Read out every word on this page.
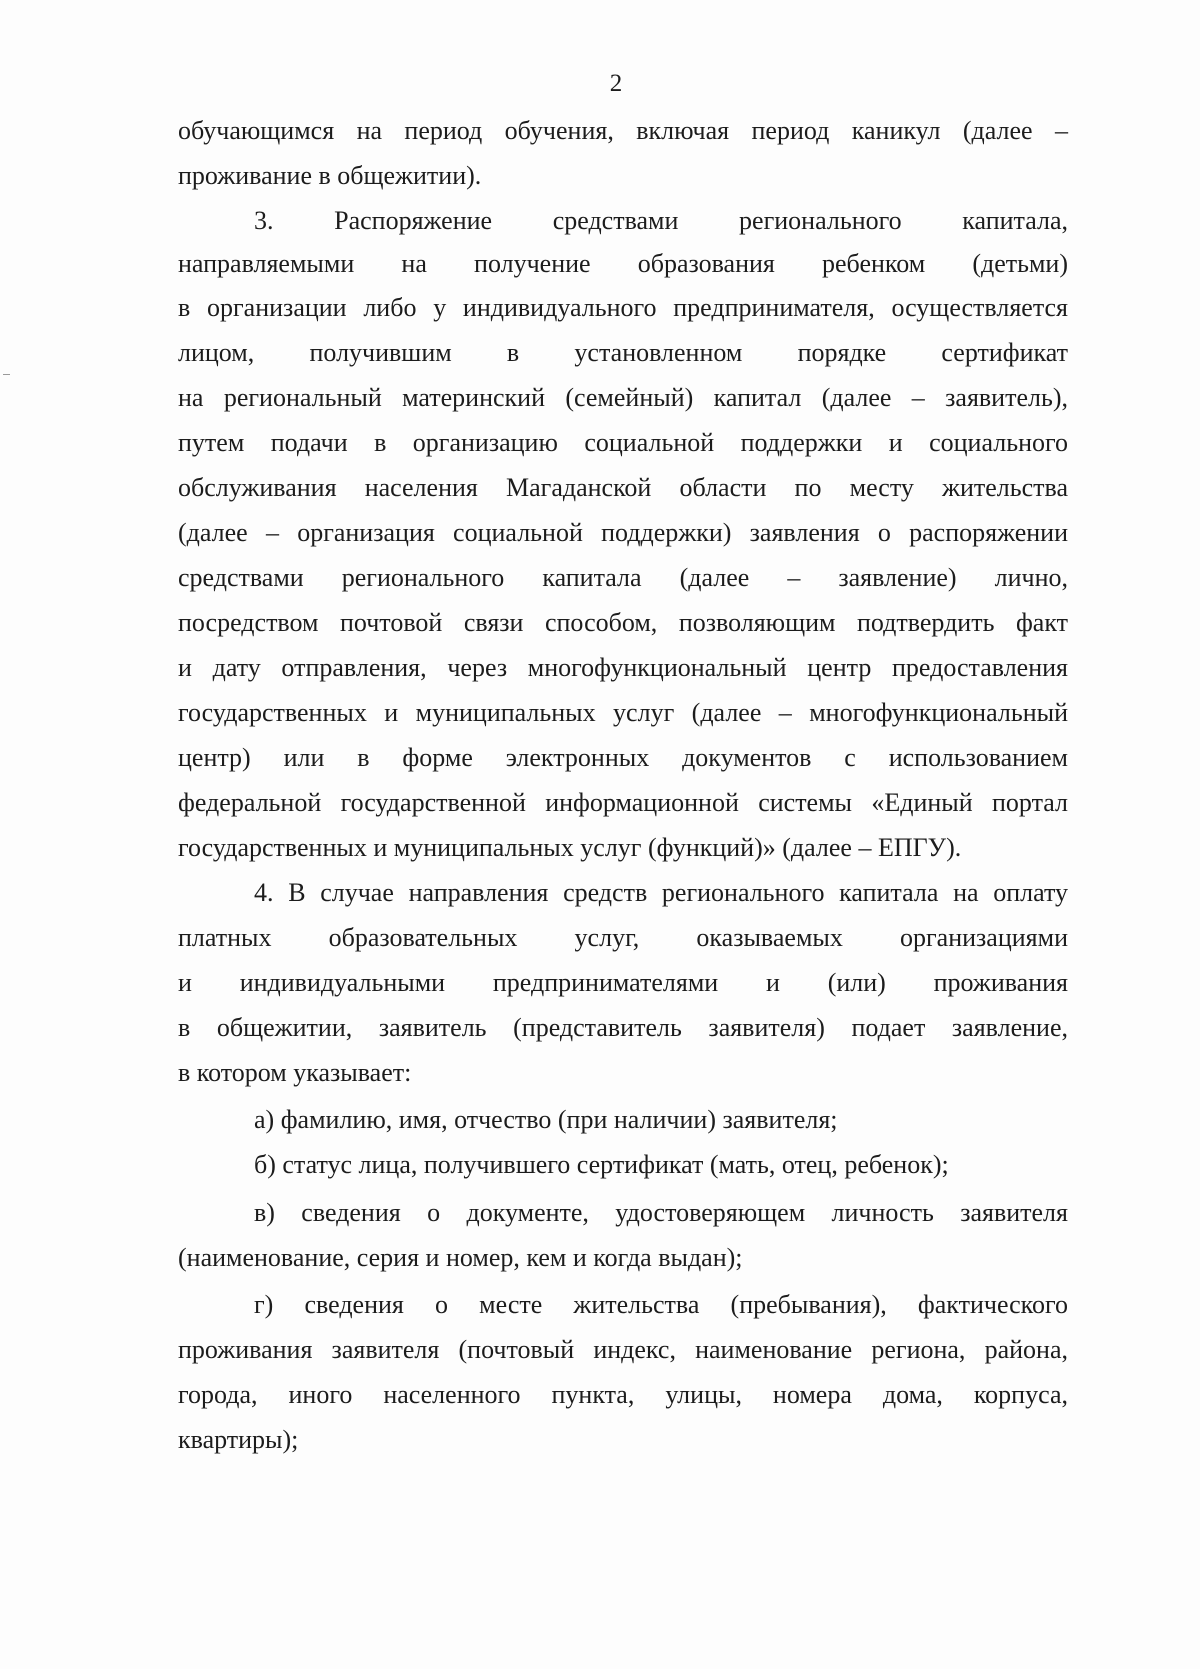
2
обучающимся на период обучения, включая период каникул (далее –
проживание в общежитии).
3. Распоряжение средствами регионального капитала,
направляемыми на получение образования ребенком (детьми)
в организации либо у индивидуального предпринимателя, осуществляется
лицом, получившим в установленном порядке сертификат
на региональный материнский (семейный) капитал (далее – заявитель),
путем подачи в организацию социальной поддержки и социального
обслуживания населения Магаданской области по месту жительства
(далее – организация социальной поддержки) заявления о распоряжении
средствами регионального капитала (далее – заявление) лично,
посредством почтовой связи способом, позволяющим подтвердить факт
и дату отправления, через многофункциональный центр предоставления
государственных и муниципальных услуг (далее – многофункциональный
центр) или в форме электронных документов с использованием
федеральной государственной информационной системы «Единый портал
государственных и муниципальных услуг (функций)» (далее – ЕПГУ).
4. В случае направления средств регионального капитала на оплату
платных образовательных услуг, оказываемых организациями
и индивидуальными предпринимателями и (или) проживания
в общежитии, заявитель (представитель заявителя) подает заявление,
в котором указывает:
а) фамилию, имя, отчество (при наличии) заявителя;
б) статус лица, получившего сертификат (мать, отец, ребенок);
в) сведения о документе, удостоверяющем личность заявителя
(наименование, серия и номер, кем и когда выдан);
г) сведения о месте жительства (пребывания), фактического
проживания заявителя (почтовый индекс, наименование региона, района,
города, иного населенного пункта, улицы, номера дома, корпуса,
квартиры);
